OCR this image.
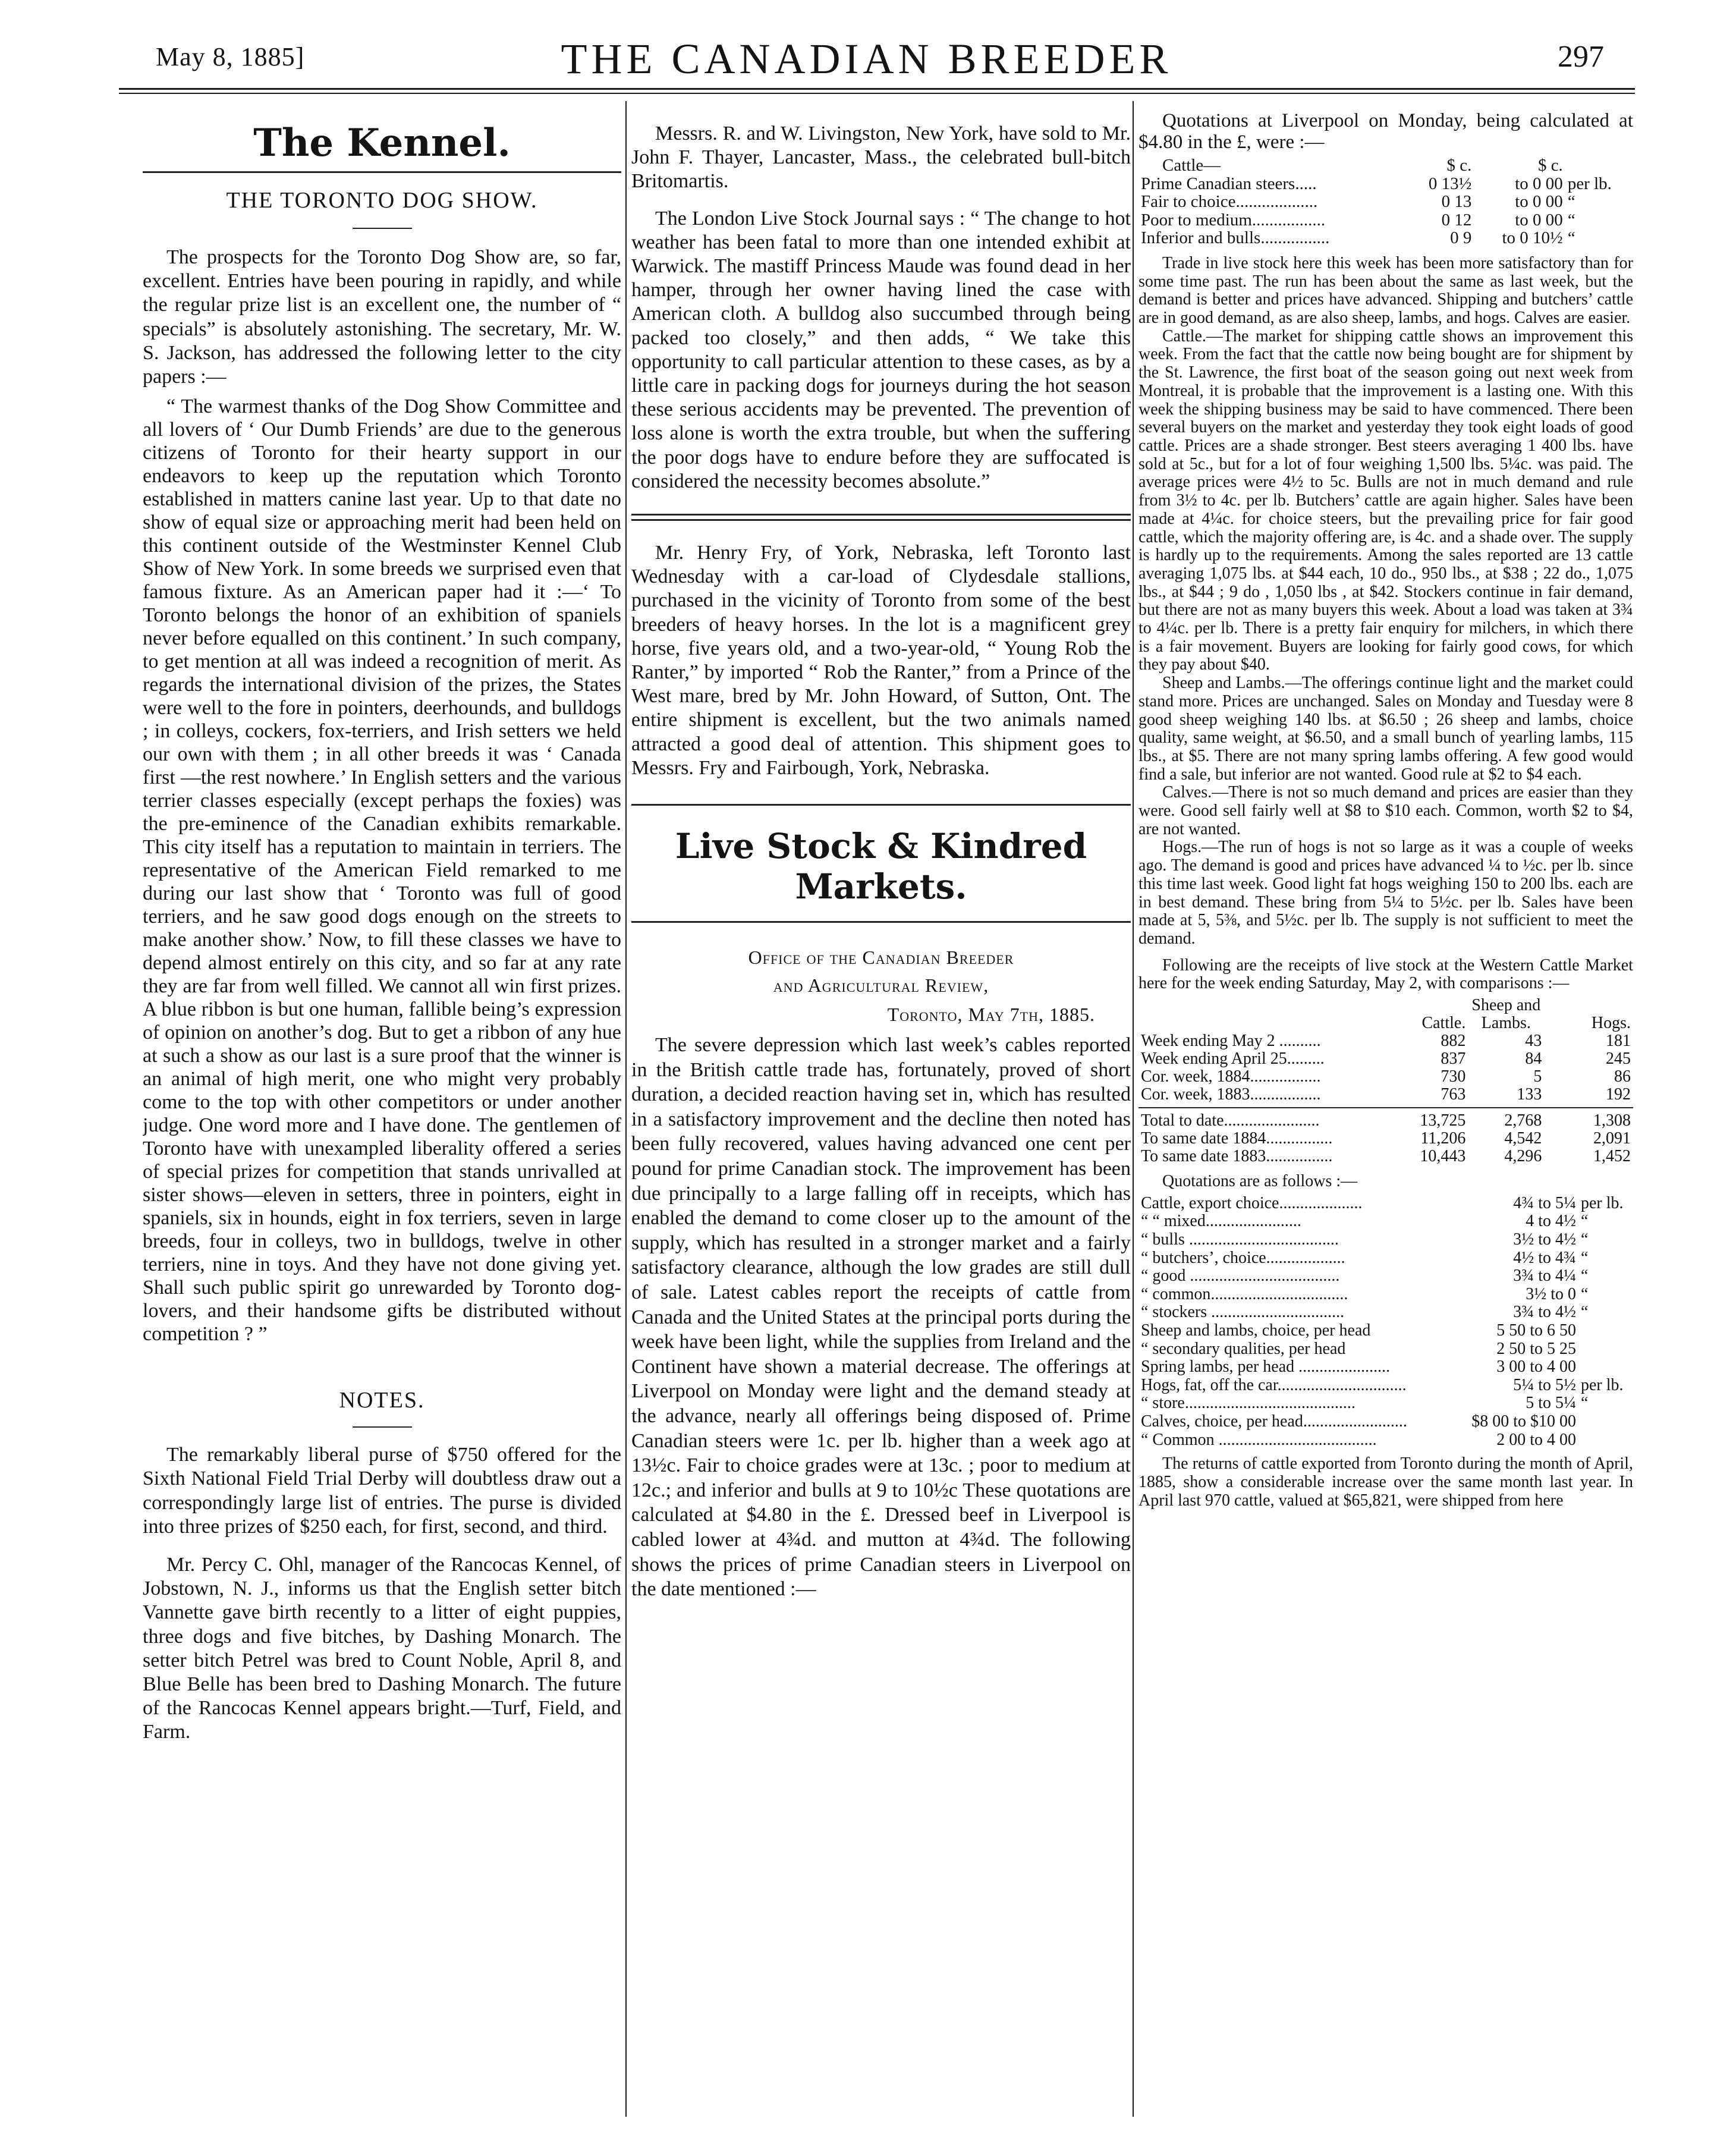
May 8, 1885]	THE CANADIAN BREEDER	297
The Kennel.

THE TORONTO DOG SHOW.

The prospects for the Toronto Dog Show are, so far, excellent. Entries have been pouring in rapidly, and while the regular prize list is an excellent one, the number of “ specials” is absolutely astonishing. The secretary, Mr. W. S. Jackson, has addressed the following letter to the city papers :—

“ The warmest thanks of the Dog Show Committee and all lovers of ‘ Our Dumb Friends’ are due to the generous citizens of Toronto for their hearty support in our endeavors to keep up the reputation which Toronto established in matters canine last year. Up to that date no show of equal size or approaching merit had been held on this continent outside of the Westminster Kennel Club Show of New York. In some breeds we surprised even that famous fixture. As an American paper had it :—‘ To Toronto belongs the honor of an exhibition of spaniels never before equalled on this continent.’ In such company, to get mention at all was indeed a recognition of merit. As regards the international division of the prizes, the States were well to the fore in pointers, deerhounds, and bulldogs ; in colleys, cockers, fox-terriers, and Irish setters we held our own with them ; in all other breeds it was ‘ Canada first —the rest nowhere.’ In English setters and the various terrier classes especially (except perhaps the foxies) was the pre-eminence of the Canadian exhibits remarkable. This city itself has a reputation to maintain in terriers. The representative of the American Field remarked to me during our last show that ‘ Toronto was full of good terriers, and he saw good dogs enough on the streets to make another show.’ Now, to fill these classes we have to depend almost entirely on this city, and so far at any rate they are far from well filled. We cannot all win first prizes. A blue ribbon is but one human, fallible being’s expression of opinion on another’s dog. But to get a ribbon of any hue at such a show as our last is a sure proof that the winner is an animal of high merit, one who might very probably come to the top with other competitors or under another judge. One word more and I have done. The gentlemen of Toronto have with unexampled liberality offered a series of special prizes for competition that stands unrivalled at sister shows—eleven in setters, three in pointers, eight in spaniels, six in hounds, eight in fox terriers, seven in large breeds, four in colleys, two in bulldogs, twelve in other terriers, nine in toys. And they have not done giving yet. Shall such public spirit go unrewarded by Toronto dog-lovers, and their handsome gifts be distributed without competition ? ”

NOTES.

The remarkably liberal purse of $750 offered for the Sixth National Field Trial Derby will doubtless draw out a correspondingly large list of entries. The purse is divided into three prizes of $250 each, for first, second, and third.

Mr. Percy C. Ohl, manager of the Rancocas Kennel, of Jobstown, N. J., informs us that the English setter bitch Vannette gave birth recently to a litter of eight puppies, three dogs and five bitches, by Dashing Monarch. The setter bitch Petrel was bred to Count Noble, April 8, and Blue Belle has been bred to Dashing Monarch. The future of the Rancocas Kennel appears bright.—Turf, Field, and Farm.

Messrs. R. and W. Livingston, New York, have sold to Mr. John F. Thayer, Lancaster, Mass., the celebrated bull-bitch Britomartis.

The London Live Stock Journal says : “ The change to hot weather has been fatal to more than one intended exhibit at Warwick. The mastiff Princess Maude was found dead in her hamper, through her owner having lined the case with American cloth. A bulldog also succumbed through being packed too closely,” and then adds, “ We take this opportunity to call particular attention to these cases, as by a little care in packing dogs for journeys during the hot season these serious accidents may be prevented. The prevention of loss alone is worth the extra trouble, but when the suffering the poor dogs have to endure before they are suffocated is considered the necessity becomes absolute.”

Mr. Henry Fry, of York, Nebraska, left Toronto last Wednesday with a car-load of Clydesdale stallions, purchased in the vicinity of Toronto from some of the best breeders of heavy horses. In the lot is a magnificent grey horse, five years old, and a two-year-old, “ Young Rob the Ranter,” by imported “ Rob the Ranter,” from a Prince of the West mare, bred by Mr. John Howard, of Sutton, Ont. The entire shipment is excellent, but the two animals named attracted a good deal of attention. This shipment goes to Messrs. Fry and Fairbough, York, Nebraska.

Live Stock & Kindred Markets.
Office of the Canadian Breeder
and Agricultural Review,
Toronto, May 7th, 1885.

The severe depression which last week’s cables reported in the British cattle trade has, fortunately, proved of short duration, a decided reaction having set in, which has resulted in a satisfactory improvement and the decline then noted has been fully recovered, values having advanced one cent per pound for prime Canadian stock. The improvement has been due principally to a large falling off in receipts, which has enabled the demand to come closer up to the amount of the supply, which has resulted in a stronger market and a fairly satisfactory clearance, although the low grades are still dull of sale. Latest cables report the receipts of cattle from Canada and the United States at the principal ports during the week have been light, while the supplies from Ireland and the Continent have shown a material decrease. The offerings at Liverpool on Monday were light and the demand steady at the advance, nearly all offerings being disposed of. Prime Canadian steers were 1c. per lb. higher than a week ago at 13½c. Fair to choice grades were at 13c. ; poor to medium at 12c.; and inferior and bulls at 9 to 10½c These quotations are calculated at $4.80 in the £. Dressed beef in Liverpool is cabled lower at 4¾d. and mutton at 4¾d. The following shows the prices of prime Canadian steers in Liverpool on the date mentioned :—

Quotations at Liverpool on Monday, being calculated at $4.80 in the £, were :—

Cattle—	$ c.	$ c.	
Prime Canadian steers.....	0 13½	to 0 00	per lb.
Fair to choice...................	0 13	to 0 00	“
Poor to medium.................	0 12	to 0 00	“
Inferior and bulls................	0 9	to 0 10½	“

Trade in live stock here this week has been more satisfactory than for some time past. The run has been about the same as last week, but the demand is better and prices have advanced. Shipping and butchers’ cattle are in good demand, as are also sheep, lambs, and hogs. Calves are easier.

Cattle.—The market for shipping cattle shows an improvement this week. From the fact that the cattle now being bought are for shipment by the St. Lawrence, the first boat of the season going out next week from Montreal, it is probable that the improvement is a lasting one. With this week the shipping business may be said to have commenced. There been several buyers on the market and yesterday they took eight loads of good cattle. Prices are a shade stronger. Best steers averaging 1 400 lbs. have sold at 5c., but for a lot of four weighing 1,500 lbs. 5¼c. was paid. The average prices were 4½ to 5c. Bulls are not in much demand and rule from 3½ to 4c. per lb. Butchers’ cattle are again higher. Sales have been made at 4¼c. for choice steers, but the prevailing price for fair good cattle, which the majority offering are, is 4c. and a shade over. The supply is hardly up to the requirements. Among the sales reported are 13 cattle averaging 1,075 lbs. at $44 each, 10 do., 950 lbs., at $38 ; 22 do., 1,075 lbs., at $44 ; 9 do , 1,050 lbs , at $42. Stockers continue in fair demand, but there are not as many buyers this week. About a load was taken at 3¾ to 4¼c. per lb. There is a pretty fair enquiry for milchers, in which there is a fair movement. Buyers are looking for fairly good cows, for which they pay about $40.

Sheep and Lambs.—The offerings continue light and the market could stand more. Prices are unchanged. Sales on Monday and Tuesday were 8 good sheep weighing 140 lbs. at $6.50 ; 26 sheep and lambs, choice quality, same weight, at $6.50, and a small bunch of yearling lambs, 115 lbs., at $5. There are not many spring lambs offering. A few good would find a sale, but inferior are not wanted. Good rule at $2 to $4 each.

Calves.—There is not so much demand and prices are easier than they were. Good sell fairly well at $8 to $10 each. Common, worth $2 to $4, are not wanted.

Hogs.—The run of hogs is not so large as it was a couple of weeks ago. The demand is good and prices have advanced ¼ to ½c. per lb. since this time last week. Good light fat hogs weighing 150 to 200 lbs. each are in best demand. These bring from 5¼ to 5½c. per lb. Sales have been made at 5, 5⅜, and 5½c. per lb. The supply is not sufficient to meet the demand.

Following are the receipts of live stock at the Western Cattle Market here for the week ending Saturday, May 2, with comparisons :—

	Cattle.	Sheep and Lambs.	Hogs.
Week ending May 2 ..........	882	43	181
Week ending April 25.........	837	84	245
Cor. week, 1884.................	730	5	86
Cor. week, 1883.................	763	133	192

Total to date.......................	13,725	2,768	1,308
To same date 1884................	11,206	4,542	2,091
To same date 1883................	10,443	4,296	1,452

Quotations are as follows :—

Cattle, export choice....................	4¾ to 5¼	per lb.
“ “ mixed.......................	4 to 4½	“
“ bulls ....................................	3½ to 4½	“
“ butchers’, choice...................	4½ to 4¾	“
“ good ....................................	3¾ to 4¼	“
“ common.................................	3½ to 0	“
“ stockers ................................	3¾ to 4½	“
Sheep and lambs, choice, per head	5 50 to 6 50	
“ secondary qualities, per head	2 50 to 5 25	
Spring lambs, per head ......................	3 00 to 4 00	
Hogs, fat, off the car...............................	5¼ to 5½	per lb.
“ store.........................................	5 to 5¼	“
Calves, choice, per head.........................	$8 00 to $10 00	
“ Common ......................................	2 00 to 4 00	

The returns of cattle exported from Toronto during the month of April, 1885, show a considerable increase over the same month last year. In April last 970 cattle, valued at $65,821, were shipped from here
